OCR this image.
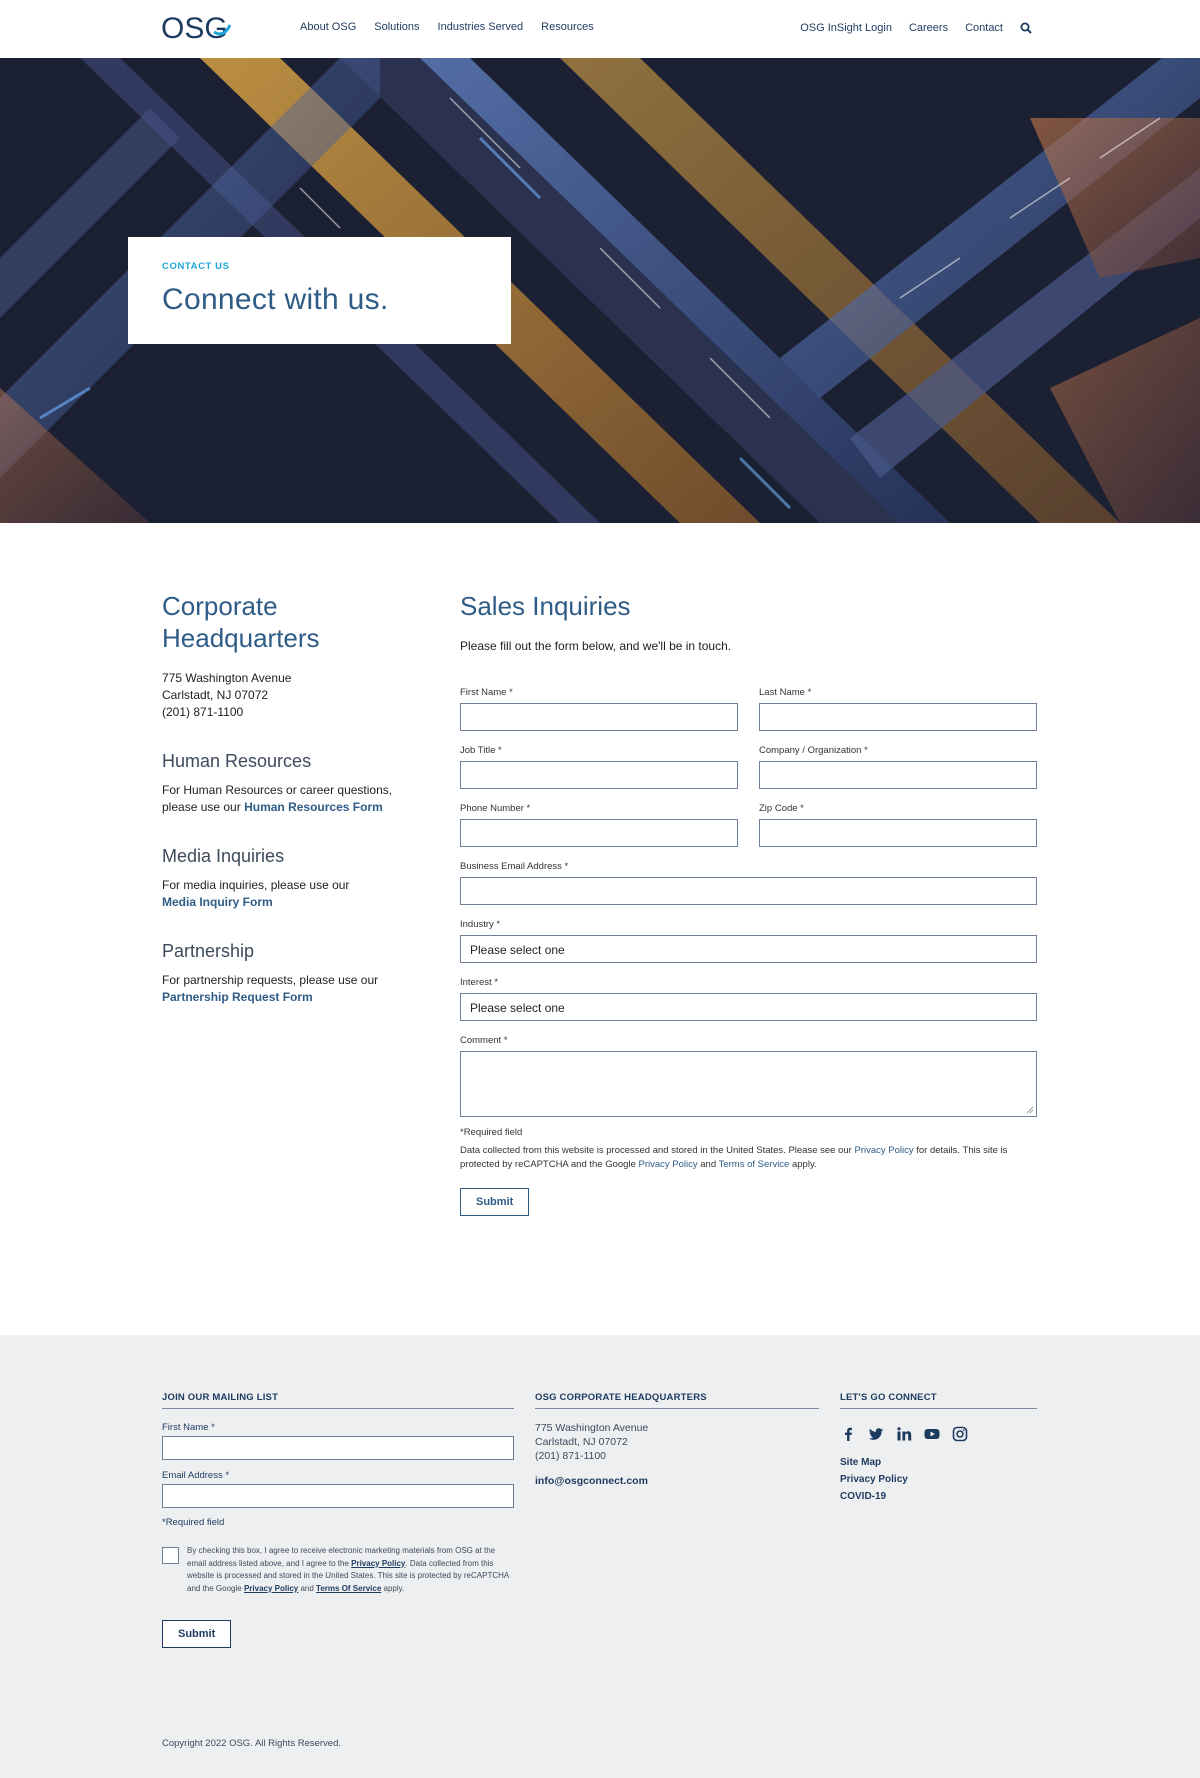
OSG	About OSG Solutions Industries Served Resources	OSG InSight Login Careers Contact
CONTACT US
Connect with us.
Corporate Headquarters
775 Washington Avenue
Carlstadt, NJ 07072
(201) 871-1100
Human Resources
For Human Resources or career questions, please use our Human Resources Form
Media Inquiries
For media inquiries, please use our
Media Inquiry Form
Partnership
For partnership requests, please use our
Partnership Request Form
Sales Inquiries
Please fill out the form below, and we'll be in touch.
First Name *	Last Name *
Job Title *	Company / Organization *
Phone Number *	Zip Code *
Business Email Address *
Industry *
Please select one
Interest *
Please select one
Comment *
*Required field
Data collected from this website is processed and stored in the United States. Please see our Privacy Policy for details. This site is protected by reCAPTCHA and the Google Privacy Policy and Terms of Service apply.
Submit
JOIN OUR MAILING LIST
First Name *
Email Address *
*Required field
By checking this box, I agree to receive electronic marketing materials from OSG at the email address listed above, and I agree to the Privacy Policy. Data collected from this website is processed and stored in the United States. This site is protected by reCAPTCHA and the Google Privacy Policy and Terms Of Service apply.
Submit
OSG CORPORATE HEADQUARTERS
775 Washington Avenue
Carlstadt, NJ 07072
(201) 871-1100
info@osgconnect.com
LET'S GO CONNECT
Site Map
Privacy Policy
COVID-19
Copyright 2022 OSG. All Rights Reserved.
